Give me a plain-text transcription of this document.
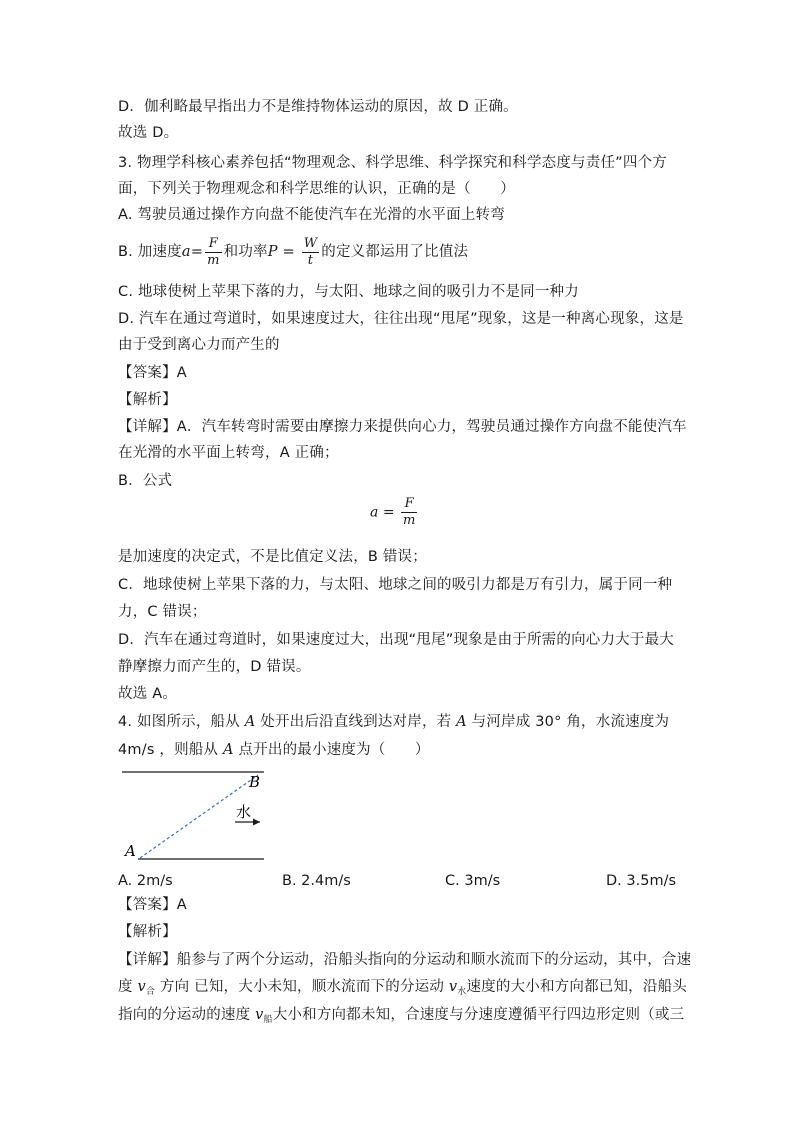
D．伽利略最早指出力不是维持物体运动的原因，故 D 正确。
故选 D。
3. 物理学科核心素养包括“物理观念、科学思维、科学探究和科学态度与责任”四个方
面，下列关于物理观念和科学思维的认识，正确的是（　　）
A. 驾驶员通过操作方向盘不能使汽车在光滑的水平面上转弯
B. 加速度$a= \frac{F}{m}$ 和功率$P = \frac{W}{t}$ 的定义都运用了比值法
C. 地球使树上苹果下落的力，与太阳、地球之间的吸引力不是同一种力
D. 汽车在通过弯道时，如果速度过大，往往出现“甩尾”现象，这是一种离心现象，这是
由于受到离心力而产生的
【答案】A
【解析】
【详解】A．汽车转弯时需要由摩擦力来提供向心力，驾驶员通过操作方向盘不能使汽车
在光滑的水平面上转弯，A 正确；
B．公式
$a = \frac{F}{m}$
是加速度的决定式，不是比值定义法，B 错误；
C．地球使树上苹果下落的力，与太阳、地球之间的吸引力都是万有引力，属于同一种
力，C 错误；
D．汽车在通过弯道时，如果速度过大，出现“甩尾”现象是由于所需的向心力大于最大
静摩擦力而产生的，D 错误。
故选 A。
4. 如图所示，船从 A 处开出后沿直线到达对岸，若 A 与河岸成 30° 角，水流速度为
4m/s ，则船从 A 点开出的最小速度为（　　）
B
A
水
A. 2m/s	B. 2.4m/s	C. 3m/s	D. 3.5m/s
【答案】A
【解析】
【详解】船参与了两个分运动，沿船头指向的分运动和顺水流而下的分运动，其中，合速
度 $v_合$ 方向 已知，大小未知，顺水流而下的分运动 $v_水$速度的大小和方向都已知，沿船头
指向的分运动的速度 $v_船$大小和方向都未知，合速度与分速度遵循平行四边形定则（或三
